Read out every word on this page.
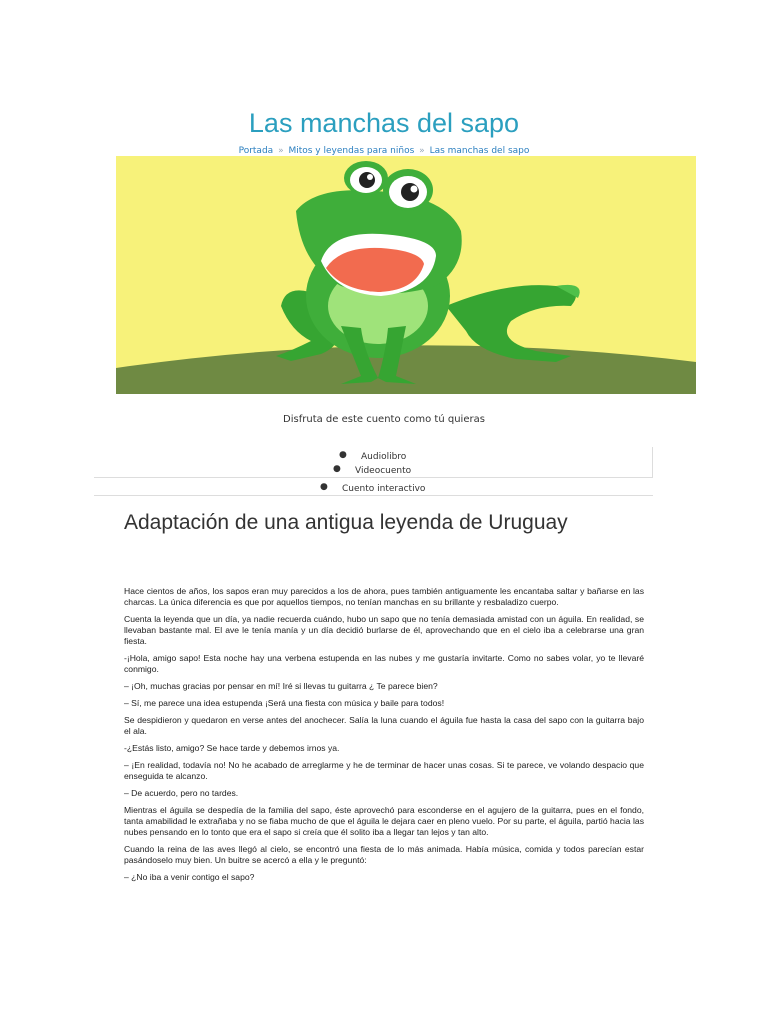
Las manchas del sapo
Portada » Mitos y leyendas para niños » Las manchas del sapo
Disfruta de este cuento como tú quieras
● Audiolibro
● Videocuento
● Cuento interactivo
Adaptación de una antigua leyenda de Uruguay

Hace cientos de años, los sapos eran muy parecidos a los de ahora, pues también antiguamente les encantaba saltar y bañarse en las charcas. La única diferencia es que por aquellos tiempos, no tenían manchas en su brillante y resbaladizo cuerpo.

Cuenta la leyenda que un día, ya nadie recuerda cuándo, hubo un sapo que no tenía demasiada amistad con un águila. En realidad, se llevaban bastante mal. El ave le tenía manía y un día decidió burlarse de él, aprovechando que en el cielo iba a celebrarse una gran fiesta.

-¡Hola, amigo sapo! Esta noche hay una verbena estupenda en las nubes y me gustaría invitarte. Como no sabes volar, yo te llevaré conmigo.

– ¡Oh, muchas gracias por pensar en mí! Iré si llevas tu guitarra ¿ Te parece bien?

– Sí, me parece una idea estupenda ¡Será una fiesta con música y baile para todos!

Se despidieron y quedaron en verse antes del anochecer. Salía la luna cuando el águila fue hasta la casa del sapo con la guitarra bajo el ala.

-¿Estás listo, amigo? Se hace tarde y debemos irnos ya.

– ¡En realidad, todavía no! No he acabado de arreglarme y he de terminar de hacer unas cosas. Si te parece, ve volando despacio que enseguida te alcanzo.

– De acuerdo, pero no tardes.

Mientras el águila se despedía de la familia del sapo, éste aprovechó para esconderse en el agujero de la guitarra, pues en el fondo, tanta amabilidad le extrañaba y no se fiaba mucho de que el águila le dejara caer en pleno vuelo. Por su parte, el águila, partió hacia las nubes pensando en lo tonto que era el sapo si creía que él solito iba a llegar tan lejos y tan alto.

Cuando la reina de las aves llegó al cielo, se encontró una fiesta de lo más animada. Había música, comida y todos parecían estar pasándoselo muy bien. Un buitre se acercó a ella y le preguntó:

– ¿No iba a venir contigo el sapo?
